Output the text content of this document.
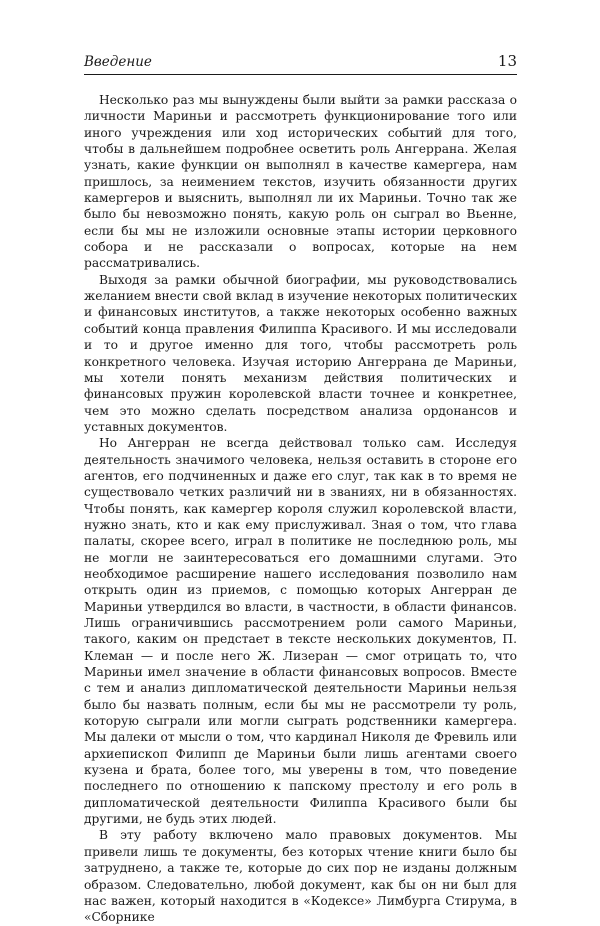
Введение	13

Несколько раз мы вынуждены были выйти за рамки рассказа о личности Мариньи и рассмотреть функционирование того или иного учреждения или ход исторических событий для того, чтобы в дальнейшем подробнее осветить роль Ангеррана. Желая узнать, какие функции он выполнял в качестве камергера, нам пришлось, за неимением текстов, изучить обязанности других камергеров и выяснить, выполнял ли их Мариньи. Точно так же было бы невозможно понять, какую роль он сыграл во Вьенне, если бы мы не изложили основные этапы истории церковного собора и не рассказали о вопросах, которые на нем рассматривались.

Выходя за рамки обычной биографии, мы руководствовались желанием внести свой вклад в изучение некоторых политических и финансовых институтов, а также некоторых особенно важных событий конца правления Филиппа Красивого. И мы исследовали и то и другое именно для того, чтобы рассмотреть роль конкретного человека. Изучая историю Ангеррана де Мариньи, мы хотели понять механизм действия политических и финансовых пружин королевской власти точнее и конкретнее, чем это можно сделать посредством анализа ордонансов и уставных документов.

Но Ангерран не всегда действовал только сам. Исследуя деятельность значимого человека, нельзя оставить в стороне его агентов, его подчиненных и даже его слуг, так как в то время не существовало четких различий ни в званиях, ни в обязанностях. Чтобы понять, как камергер короля служил королевской власти, нужно знать, кто и как ему прислуживал. Зная о том, что глава палаты, скорее всего, играл в политике не последнюю роль, мы не могли не заинтересоваться его домашними слугами. Это необходимое расширение нашего исследования позволило нам открыть один из приемов, с помощью которых Ангерран де Мариньи утвердился во власти, в частности, в области финансов. Лишь ограничившись рассмотрением роли самого Мариньи, такого, каким он предстает в тексте нескольких документов, П. Клеман — и после него Ж. Лизеран — смог отрицать то, что Мариньи имел значение в области финансовых вопросов. Вместе с тем и анализ дипломатической деятельности Мариньи нельзя было бы назвать полным, если бы мы не рассмотрели ту роль, которую сыграли или могли сыграть родственники камергера. Мы далеки от мысли о том, что кардинал Николя де Фревиль или архиепископ Филипп де Мариньи были лишь агентами своего кузена и брата, более того, мы уверены в том, что поведение последнего по отношению к папскому престолу и его роль в дипломатической деятельности Филиппа Красивого были бы другими, не будь этих людей.

В эту работу включено мало правовых документов. Мы привели лишь те документы, без которых чтение книги было бы затруднено, а также те, которые до сих пор не изданы должным образом. Следовательно, любой документ, как бы он ни был для нас важен, который находится в «Кодексе» Лимбурга Стирума, в «Сборнике
